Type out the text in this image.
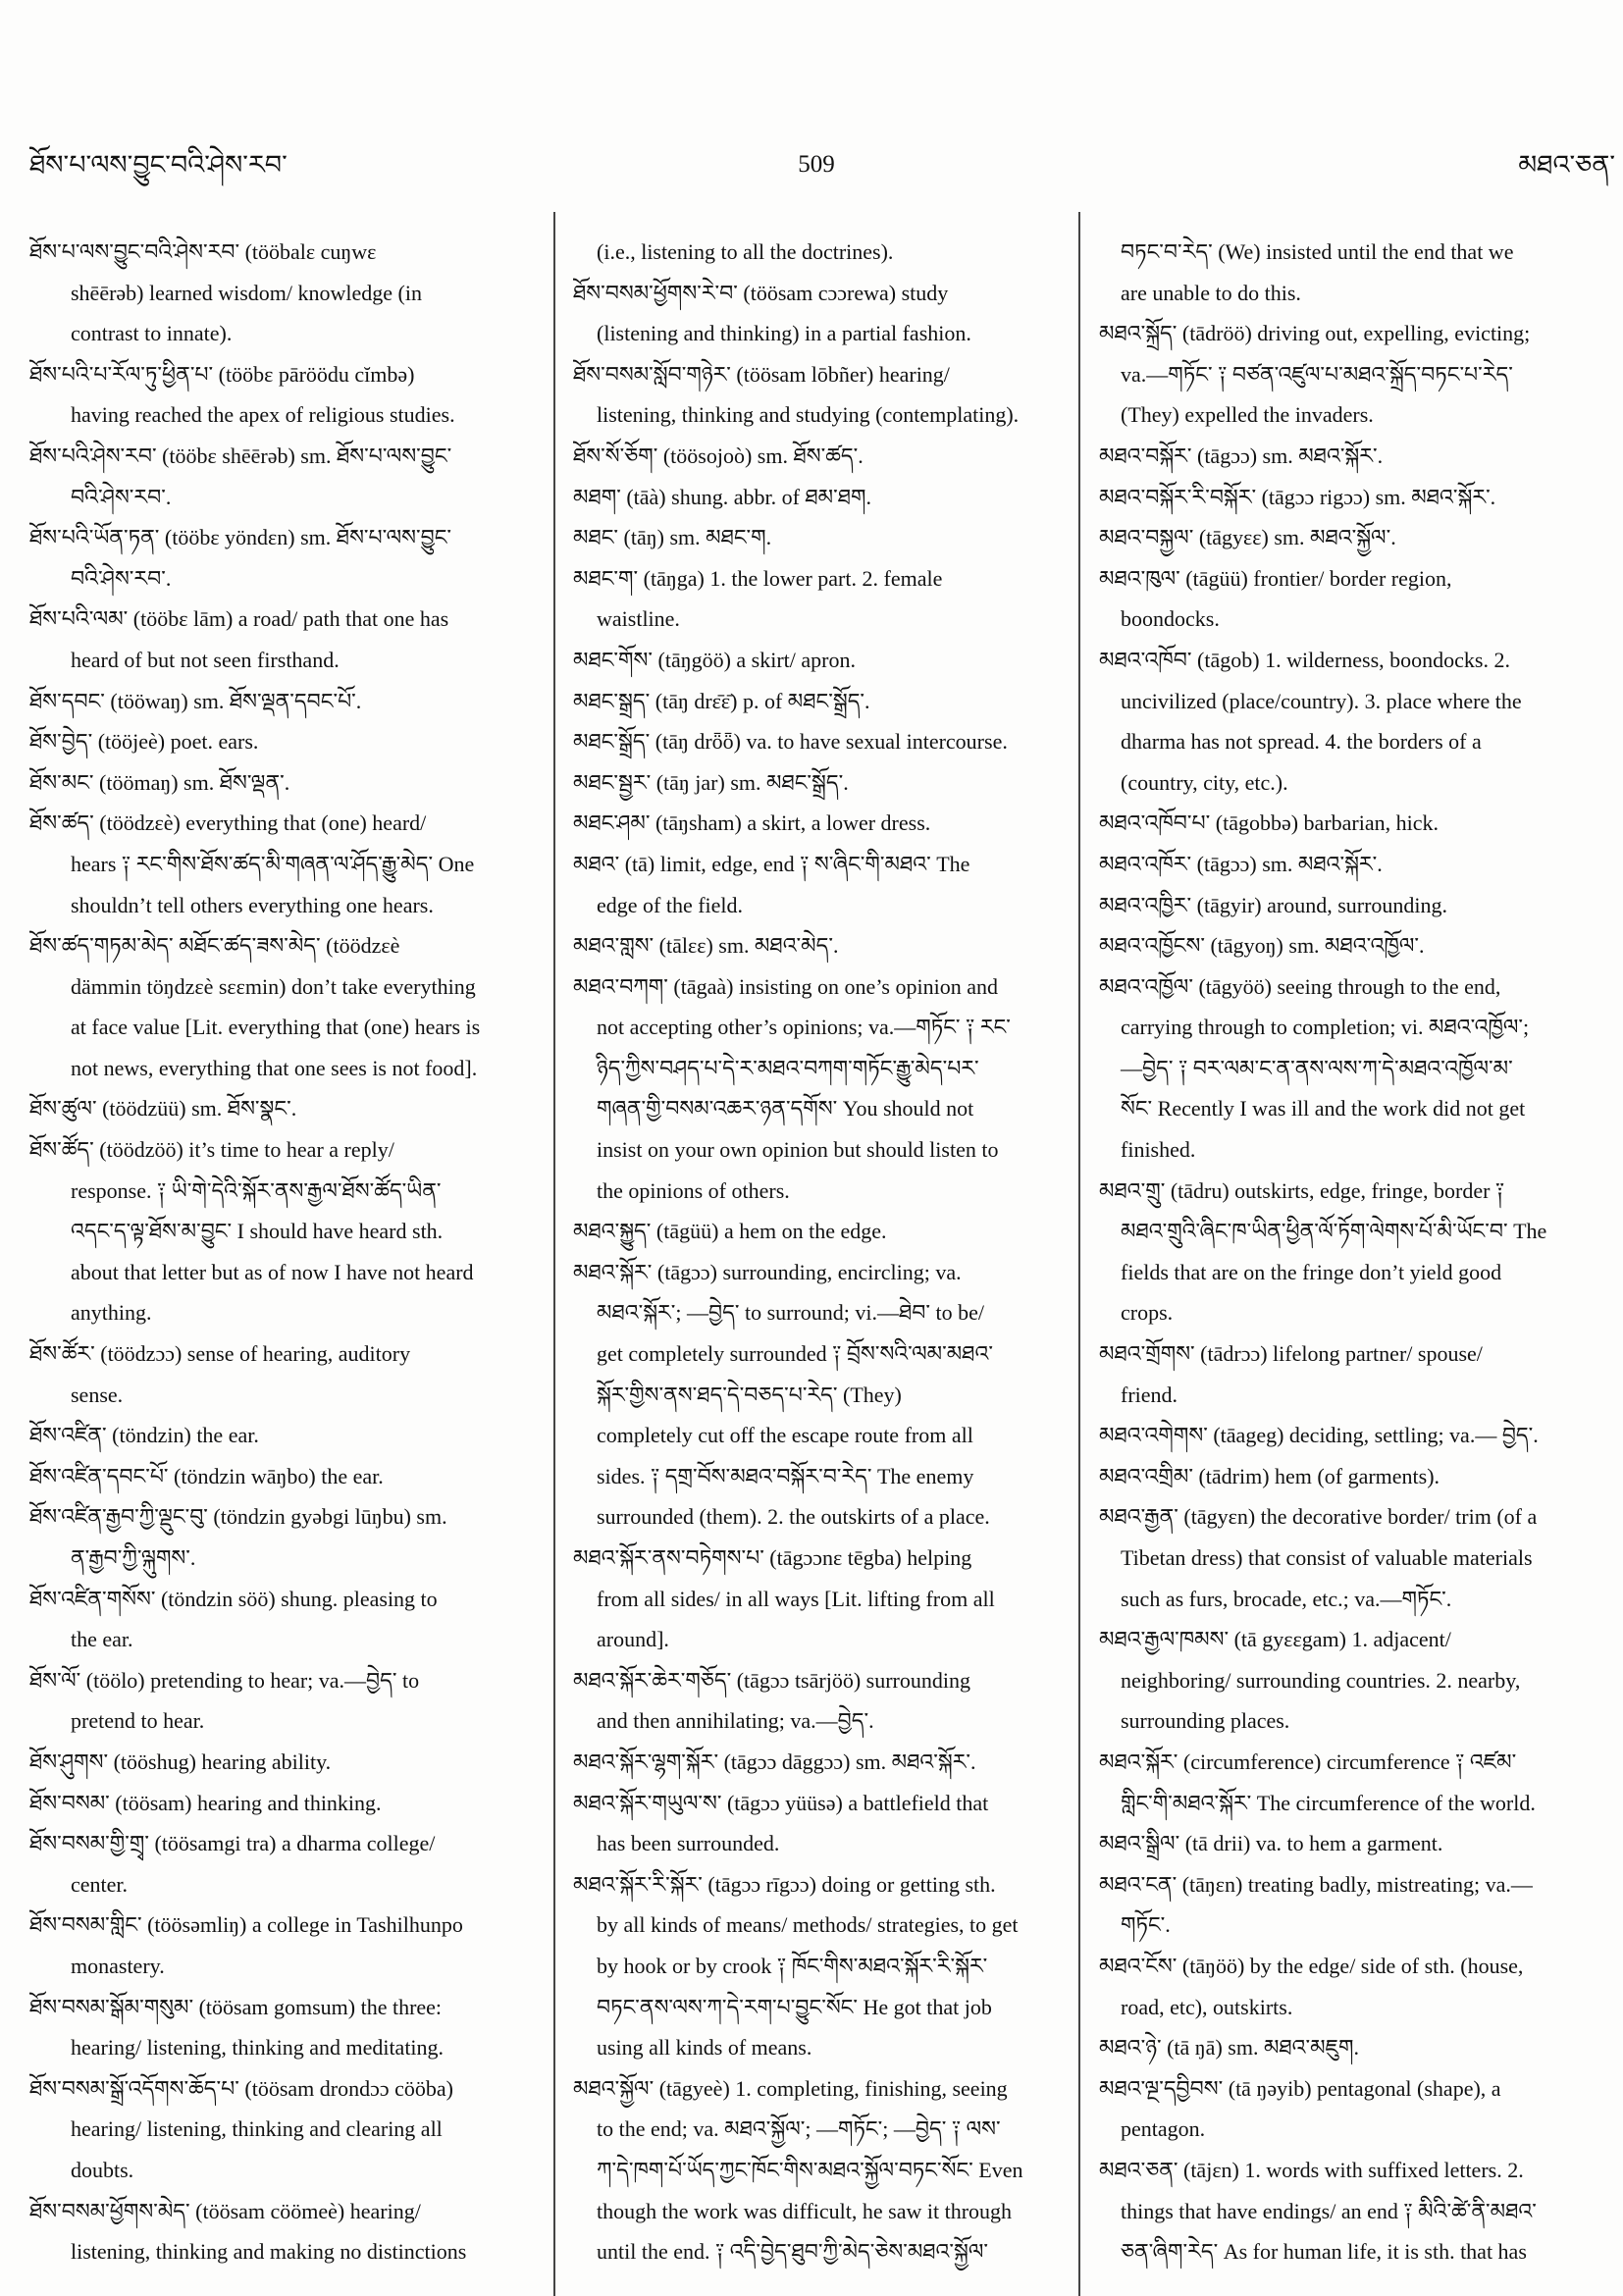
ཐོས་པ་ལས་བྱུང་བའི་ཤེས་རབ་	509	མཐའ་ཅན་
ཐོས་པ་ལས་བྱུང་བའི་ཤེས་རབ་ (tööbalɛ cuŋwɛ
shēērəb) learned wisdom/ knowledge (in
contrast to innate).
ཐོས་པའི་པ་རོལ་ཏུ་ཕྱིན་པ་ (tööbɛ pāröödu cĭmbə)
having reached the apex of religious studies.
ཐོས་པའི་ཤེས་རབ་ (tööbɛ shēērəb) sm. ཐོས་པ་ལས་བྱུང་
བའི་ཤེས་རབ་.
ཐོས་པའི་ཡོན་ཏན་ (tööbɛ yöndɛn) sm. ཐོས་པ་ལས་བྱུང་
བའི་ཤེས་རབ་.
ཐོས་པའི་ལམ་ (tööbɛ lām) a road/ path that one has
heard of but not seen firsthand.
ཐོས་དབང་ (tööwaŋ) sm. ཐོས་ལྡན་དབང་པོ་.
ཐོས་བྱེད་ (tööjeè) poet. ears.
ཐོས་མང་ (töömaŋ) sm. ཐོས་ལྡན་.
ཐོས་ཚད་ (töödzɛè) everything that (one) heard/
hears ༑ རང་གིས་ཐོས་ཚད་མི་གཞན་ལ་ཤོད་རྒྱུ་མེད་ One
shouldn’t tell others everything one hears.
ཐོས་ཚད་གཏམ་མེད་ མཐོང་ཚད་ཟས་མེད་ (töödzɛè
dämmin töŋdzɛè sɛɛmin) don’t take everything
at face value [Lit. everything that (one) hears is
not news, everything that one sees is not food].
ཐོས་ཚུལ་ (töödzüü) sm. ཐོས་སྣང་.
ཐོས་ཚོད་ (töödzöö) it’s time to hear a reply/
response. ༑ ཡི་གེ་དེའི་སྐོར་ནས་རྒྱལ་ཐོས་ཚོད་ཡིན་
འདང་ད་ལྟ་ཐོས་མ་བྱུང་ I should have heard sth.
about that letter but as of now I have not heard
anything.
ཐོས་ཚོར་ (töödzɔɔ) sense of hearing, auditory
sense.
ཐོས་འཛིན་ (töndzin) the ear.
ཐོས་འཛིན་དབང་པོ་ (töndzin wāŋbo) the ear.
ཐོས་འཛིན་རྒྱབ་ཀྱི་ལྡུང་བུ་ (töndzin gyəbgi lūŋbu) sm.
ན་རྒྱབ་ཀྱི་ལྐུགས་.
ཐོས་འཛིན་གསོས་ (töndzin söö) shung. pleasing to
the ear.
ཐོས་ལོ་ (töölo) pretending to hear; va.—བྱེད་ to
pretend to hear.
ཐོས་ཤུགས་ (tööshug) hearing ability.
ཐོས་བསམ་ (töösam) hearing and thinking.
ཐོས་བསམ་གྱི་གྲྭ་ (töösamgi tra) a dharma college/
center.
ཐོས་བསམ་གླིང་ (töösəmliŋ) a college in Tashilhunpo
monastery.
ཐོས་བསམ་སྒོམ་གསུམ་ (töösam gomsum) the three:
hearing/ listening, thinking and meditating.
ཐོས་བསམ་སྒྲོ་འདོགས་ཆོད་པ་ (töösam drondɔɔ cööba)
hearing/ listening, thinking and clearing all
doubts.
ཐོས་བསམ་ཕྱོགས་མེད་ (töösam cöömeè) hearing/
listening, thinking and making no distinctions
(i.e., listening to all the doctrines).
ཐོས་བསམ་ཕྱོགས་རེ་བ་ (töösam cɔɔrewa) study
(listening and thinking) in a partial fashion.
ཐོས་བསམ་སློབ་གཉེར་ (töösam lōbñer) hearing/
listening, thinking and studying (contemplating).
ཐོས་སོ་ཅོག་ (töösojoò) sm. ཐོས་ཚད་.
མཐག་ (tāà) shung. abbr. of ཐམ་ཐག.
མཐང་ (tāŋ) sm. མཐང་ག.
མཐང་ག་ (tāŋga) 1. the lower part. 2. female
waistline.
མཐང་གོས་ (tāŋgöö) a skirt/ apron.
མཐང་སྒྲད་ (tāŋ drɛ̄ɛ̄) p. of མཐང་སྒྲོད་.
མཐང་སྒྲོད་ (tāŋ drȫȫ) va. to have sexual intercourse.
མཐང་སྦྱར་ (tāŋ jar) sm. མཐང་སྒྲོད་.
མཐང་ཤམ་ (tāŋsham) a skirt, a lower dress.
མཐའ་ (tā) limit, edge, end ༑ ས་ཞིང་གི་མཐའ་ The
edge of the field.
མཐའ་གླས་ (tālɛɛ) sm. མཐའ་མེད་.
མཐའ་བཀག་ (tāgaà) insisting on one’s opinion and
not accepting other’s opinions; va.—གཏོང་ ༑ རང་
ཉིད་ཀྱིས་བཤད་པ་དེ་ར་མཐའ་བཀག་གཏོང་རྒྱུ་མེད་པར་
གཞན་གྱི་བསམ་འཆར་ཉན་དགོས་ You should not
insist on your own opinion but should listen to
the opinions of others.
མཐའ་སྐྱུད་ (tāgüü) a hem on the edge.
མཐའ་སྐོར་ (tāgɔɔ) surrounding, encircling; va.
མཐའ་སྐོར་; —བྱེད་ to surround; vi.—ཐེབ་ to be/
get completely surrounded ༑ བྲོས་སའི་ལམ་མཐའ་
སྐོར་གྱིས་ནས་ཐད་དེ་བཅད་པ་རེད་ (They)
completely cut off the escape route from all
sides. ༑ དགྲ་བོས་མཐའ་བསྐོར་བ་རེད་ The enemy
surrounded (them). 2. the outskirts of a place.
མཐའ་སྐོར་ནས་བཏེགས་པ་ (tāgɔɔnɛ tēgba) helping
from all sides/ in all ways [Lit. lifting from all
around].
མཐའ་སྐོར་ཆེར་གཅོད་ (tāgɔɔ tsārjöö) surrounding
and then annihilating; va.—བྱེད་.
མཐའ་སྐོར་ལྷག་སྐོར་ (tāgɔɔ dāggɔɔ) sm. མཐའ་སྐོར་.
མཐའ་སྐོར་གཡུལ་ས་ (tāgɔɔ yüüsə) a battlefield that
has been surrounded.
མཐའ་སྐོར་རི་སྐོར་ (tāgɔɔ rīgɔɔ) doing or getting sth.
by all kinds of means/ methods/ strategies, to get
by hook or by crook ༑ ཁོང་གིས་མཐའ་སྐོར་རི་སྐོར་
བཏང་ནས་ལས་ཀ་དེ་རག་པ་བྱུང་སོང་ He got that job
using all kinds of means.
མཐའ་སྐྱོལ་ (tāgyeè) 1. completing, finishing, seeing
to the end; va. མཐའ་སྐྱོལ་; —གཏོང་; —བྱེད་ ༑ ལས་
ཀ་དེ་ཁག་པོ་ཡོད་ཀྱང་ཁོང་གིས་མཐའ་སྐྱོལ་བཏང་སོང་ Even
though the work was difficult, he saw it through
until the end. ༑ འདི་བྱེད་ཐུབ་ཀྱི་མེད་ཅེས་མཐའ་སྐྱོལ་
བཏང་བ་རེད་ (We) insisted until the end that we
are unable to do this.
མཐའ་སྐྲོད་ (tādröö) driving out, expelling, evicting;
va.—གཏོང་ ༑ བཙན་འཛུལ་པ་མཐའ་སྐྲོད་བཏང་པ་རེད་
(They) expelled the invaders.
མཐའ་བསྐོར་ (tāgɔɔ) sm. མཐའ་སྐོར་.
མཐའ་བསྐོར་རི་བསྐོར་ (tāgɔɔ rigɔɔ) sm. མཐའ་སྐོར་.
མཐའ་བསྐྱལ་ (tāgyɛɛ) sm. མཐའ་སྐྱོལ་.
མཐའ་ཁུལ་ (tāgüü) frontier/ border region,
boondocks.
མཐའ་འཁོབ་ (tāgob) 1. wilderness, boondocks. 2.
uncivilized (place/country). 3. place where the
dharma has not spread. 4. the borders of a
(country, city, etc.).
མཐའ་འཁོབ་པ་ (tāgobbə) barbarian, hick.
མཐའ་འཁོར་ (tāgɔɔ) sm. མཐའ་སྐོར་.
མཐའ་འཁྱིར་ (tāgyir) around, surrounding.
མཐའ་འཁྱོངས་ (tāgyoŋ) sm. མཐའ་འཁྱོལ་.
མཐའ་འཁྱོལ་ (tāgyöö) seeing through to the end,
carrying through to completion; vi. མཐའ་འཁྱོལ་;
—བྱེད་ ༑ བར་ལམ་ང་ན་ནས་ལས་ཀ་དེ་མཐའ་འཁྱོལ་མ་
སོང་ Recently I was ill and the work did not get
finished.
མཐའ་གྲུ་ (tādru) outskirts, edge, fringe, border ༑
མཐའ་གྲུའི་ཞིང་ཁ་ཡིན་ཕྱིན་ལོ་ཏོག་ལེགས་པོ་མི་ཡོང་བ་ The
fields that are on the fringe don’t yield good
crops.
མཐའ་གྲོགས་ (tādrɔɔ) lifelong partner/ spouse/
friend.
མཐའ་འགེགས་ (tāageg) deciding, settling; va.— བྱེད་.
མཐའ་འགྲིམ་ (tādrim) hem (of garments).
མཐའ་རྒྱན་ (tāgyɛn) the decorative border/ trim (of a
Tibetan dress) that consist of valuable materials
such as furs, brocade, etc.; va.—གཏོང་.
མཐའ་རྒྱལ་ཁམས་ (tā gyɛɛgam) 1. adjacent/
neighboring/ surrounding countries. 2. nearby,
surrounding places.
མཐའ་སྐོར་ (circumference) circumference ༑ འཛམ་
གླིང་གི་མཐའ་སྐོར་ The circumference of the world.
མཐའ་སྒྲིལ་ (tā drii) va. to hem a garment.
མཐའ་ངན་ (tāŋɛn) treating badly, mistreating; va.—
གཏོང་.
མཐའ་ངོས་ (tāŋöö) by the edge/ side of sth. (house,
road, etc), outskirts.
མཐའ་ཉེ་ (tā ŋā) sm. མཐའ་མཇུག.
མཐའ་ལྔ་དབྱིབས་ (tā ŋəyib) pentagonal (shape), a
pentagon.
མཐའ་ཅན་ (tājɛn) 1. words with suffixed letters. 2.
things that have endings/ an end ༑ མིའི་ཚེ་ནི་མཐའ་
ཅན་ཞིག་རེད་ As for human life, it is sth. that has
